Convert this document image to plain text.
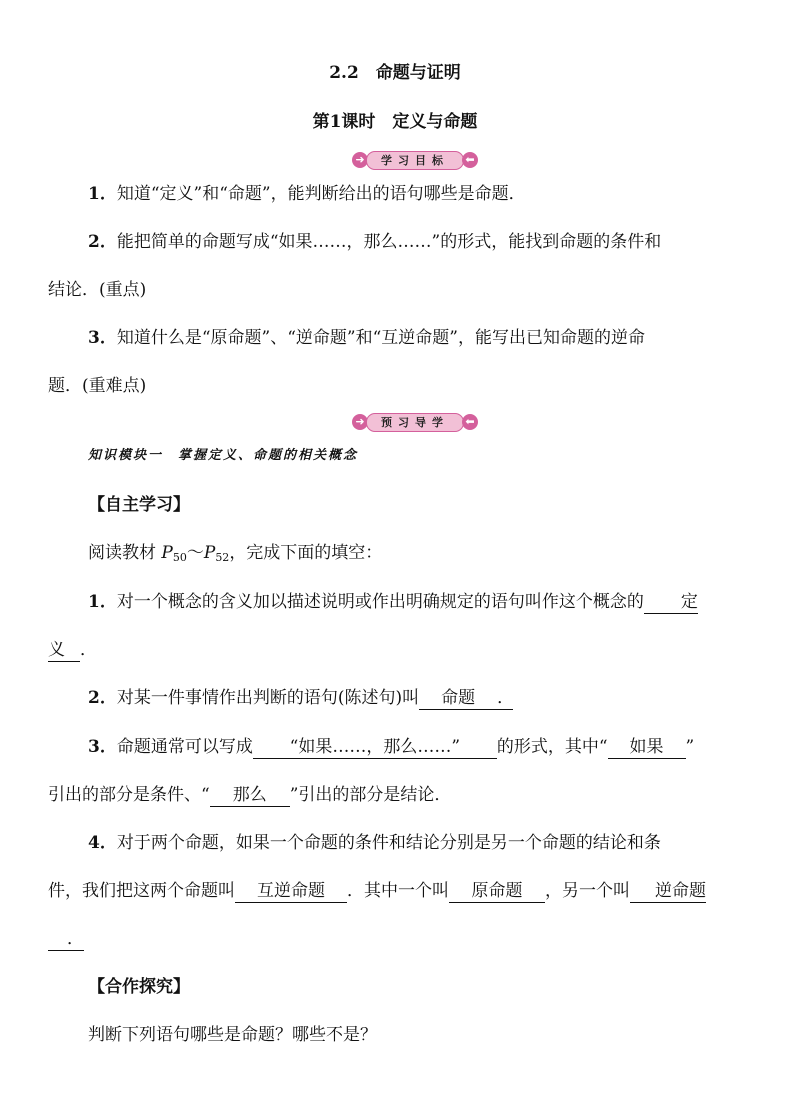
2.2　命题与证明
第1课时　定义与命题
➜	学习目标	⬅
1．知道“定义”和“命题”，能判断给出的语句哪些是命题．
2．能把简单的命题写成“如果……，那么……”的形式，能找到命题的条件和
结论．(重点)
3．知道什么是“原命题”、“逆命题”和“互逆命题”，能写出已知命题的逆命
题．(重难点)
➜	预习导学	⬅
知识模块一　掌握定义、命题的相关概念
【自主学习】
阅读教材 $P_{50}\sim P_{52}$，完成下面的填空：
1．对一个概念的含义加以描述说明或作出明确规定的语句叫作这个概念的 定
义 ．
2．对某一件事情作出判断的语句(陈述句)叫 命题 ．
3．命题通常可以写成 “如果……，那么……” 的形式，其中“ 如果 ”
引出的部分是条件、“ 那么 ”引出的部分是结论．
4．对于两个命题，如果一个命题的条件和结论分别是另一个命题的结论和条
件，我们把这两个命题叫 互逆命题 ．其中一个叫 原命题 ，另一个叫 逆命题
．
【合作探究】
判断下列语句哪些是命题？哪些不是？
